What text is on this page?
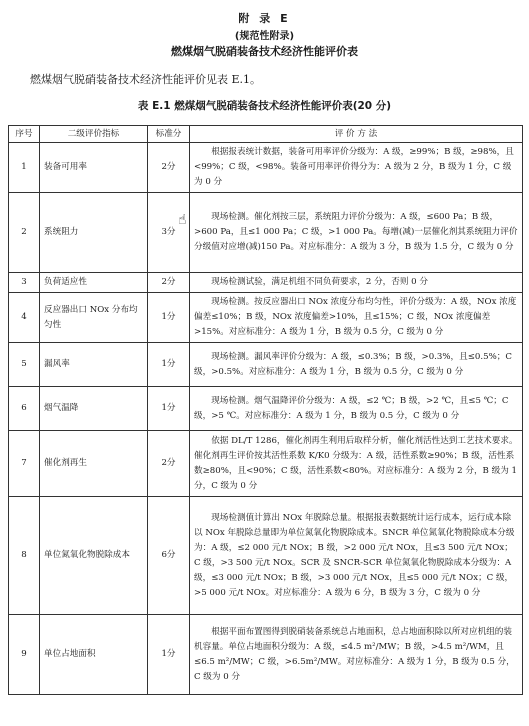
附 录 E
(规范性附录)
燃煤烟气脱硝装备技术经济性能评价表
燃煤烟气脱硝装备技术经济性能评价见表 E.1。
表 E.1 燃煤烟气脱硝装备技术经济性能评价表(20 分)
序号	二级评价指标	标准分	评 价 方 法
1	装备可用率	2分	　　根据报表统计数据，装备可用率评价分级为：A 级，≥99%；B 级，≥98%，且<99%；C 级，<98%。装备可用率评价得分为：A 级为 2 分，B 级为 1 分，C 级为 0 分
2	系统阻力	3分	　　现场检测。催化剂按三层，系统阻力评价分级为：A 级，≤600 Pa；B 级，>600 Pa，且≤1 000 Pa；C 级，>1 000 Pa。每增(减)一层催化剂其系统阻力评价分级值对应增(减)150 Pa。对应标准分：A 级为 3 分，B 级为 1.5 分，C 级为 0 分
3	负荷适应性	2分	　　现场检测试验，满足机组不同负荷要求，2 分，否则 0 分
4	反应器出口 NOx 分布均匀性	1分	　　现场检测。按反应器出口 NOx 浓度分布均匀性，评价分级为：A 级，NOx 浓度偏差≤10%；B 级，NOx 浓度偏差>10%，且≤15%；C 级，NOx 浓度偏差>15%。对应标准分：A 级为 1 分，B 级为 0.5 分，C 级为 0 分
5	漏风率	1分	　　现场检测。漏风率评价分级为：A 级，≤0.3%；B 级，>0.3%，且≤0.5%；C 级，>0.5%。对应标准分：A 级为 1 分，B 级为 0.5 分，C 级为 0 分
6	烟气温降	1分	　　现场检测。烟气温降评价分级为：A 级，≤2 ℃；B 级，>2 ℃，且≤5 ℃；C 级，>5 ℃。对应标准分：A 级为 1 分，B 级为 0.5 分，C 级为 0 分
7	催化剂再生	2分	　　依据 DL/T 1286，催化剂再生利用后取样分析，催化剂活性达到工艺技术要求。催化剂再生评价按其活性系数 K/K0 分级为：A 级，活性系数≥90%；B 级，活性系数≥80%，且<90%；C 级，活性系数<80%。对应标准分：A 级为 2 分，B 级为 1 分，C 级为 0 分
8	单位氮氧化物脱除成本	6分	　　现场检测值计算出 NOx 年脱除总量。根据报表数据统计运行成本，运行成本除以 NOx 年脱除总量即为单位氮氧化物脱除成本。SNCR 单位氮氧化物脱除成本分级为：A 级，≤2 000 元/t NOx；B 级，>2 000 元/t NOx，且≤3 500 元/t NOx；C 级，>3 500 元/t NOx。SCR 及 SNCR-SCR 单位氮氧化物脱除成本分级为：A 级，≤3 000 元/t NOx；B 级，>3 000 元/t NOx，且≤5 000 元/t NOx；C 级，>5 000 元/t NOx。对应标准分：A 级为 6 分，B 级为 3 分，C 级为 0 分
9	单位占地面积	1分	　　根据平面布置图得到脱硝装备系统总占地面积，总占地面积除以所对应机组的装机容量。单位占地面积分级为：A 级，≤4.5 m²/MW；B 级，>4.5 m²/WM，且≤6.5 m²/MW；C 级，>6.5m²/MW。对应标准分：A 级为 1 分，B 级为 0.5 分，C 级为 0 分
☝
